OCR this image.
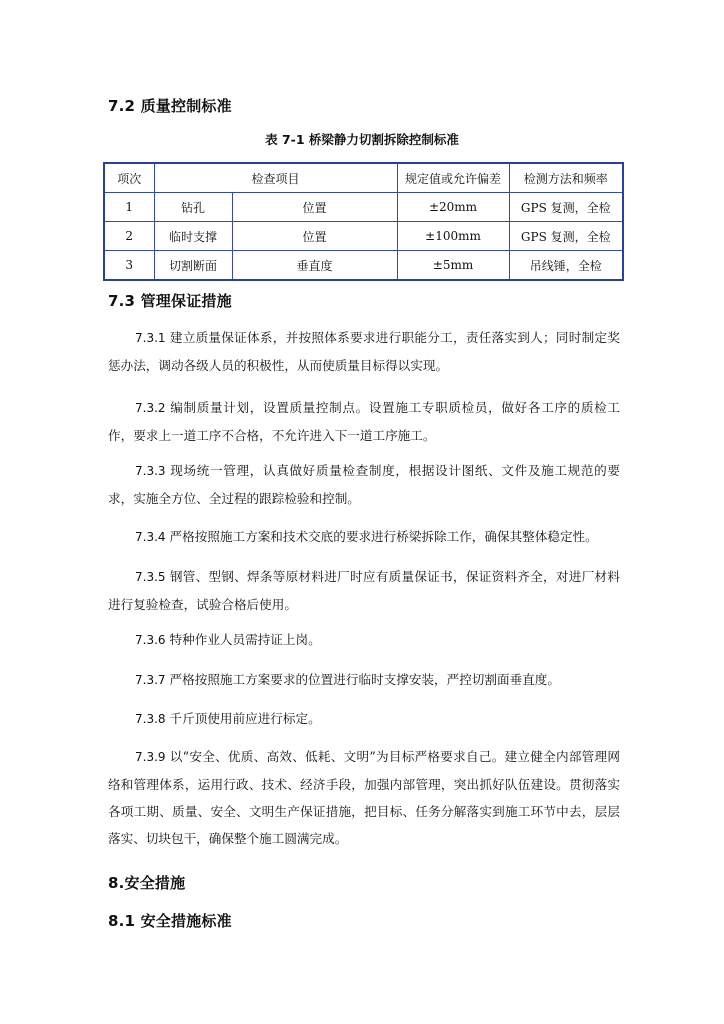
7.2 质量控制标准
表 7-1 桥梁静力切割拆除控制标准
项次	检查项目		规定值或允许偏差	检测方法和频率
1	钻孔	位置	±20mm	GPS 复测，全检
2	临时支撑	位置	±100mm	GPS 复测，全检
3	切割断面	垂直度	±5mm	吊线锤，全检
7.3 管理保证措施

7.3.1 建立质量保证体系，并按照体系要求进行职能分工，责任落实到人；同时制定奖惩办法，调动各级人员的积极性，从而使质量目标得以实现。

7.3.2 编制质量计划，设置质量控制点。设置施工专职质检员，做好各工序的质检工作，要求上一道工序不合格，不允许进入下一道工序施工。

7.3.3 现场统一管理，认真做好质量检查制度，根据设计图纸、文件及施工规范的要求，实施全方位、全过程的跟踪检验和控制。

7.3.4 严格按照施工方案和技术交底的要求进行桥梁拆除工作，确保其整体稳定性。

7.3.5 钢管、型钢、焊条等原材料进厂时应有质量保证书，保证资料齐全，对进厂材料进行复验检查，试验合格后使用。

7.3.6 特种作业人员需持证上岗。

7.3.7 严格按照施工方案要求的位置进行临时支撑安装，严控切割面垂直度。

7.3.8 千斤顶使用前应进行标定。

7.3.9 以“安全、优质、高效、低耗、文明”为目标严格要求自己。建立健全内部管理网络和管理体系，运用行政、技术、经济手段，加强内部管理，突出抓好队伍建设。贯彻落实各项工期、质量、安全、文明生产保证措施，把目标、任务分解落实到施工环节中去，层层落实、切块包干，确保整个施工圆满完成。

8.安全措施
8.1 安全措施标准
